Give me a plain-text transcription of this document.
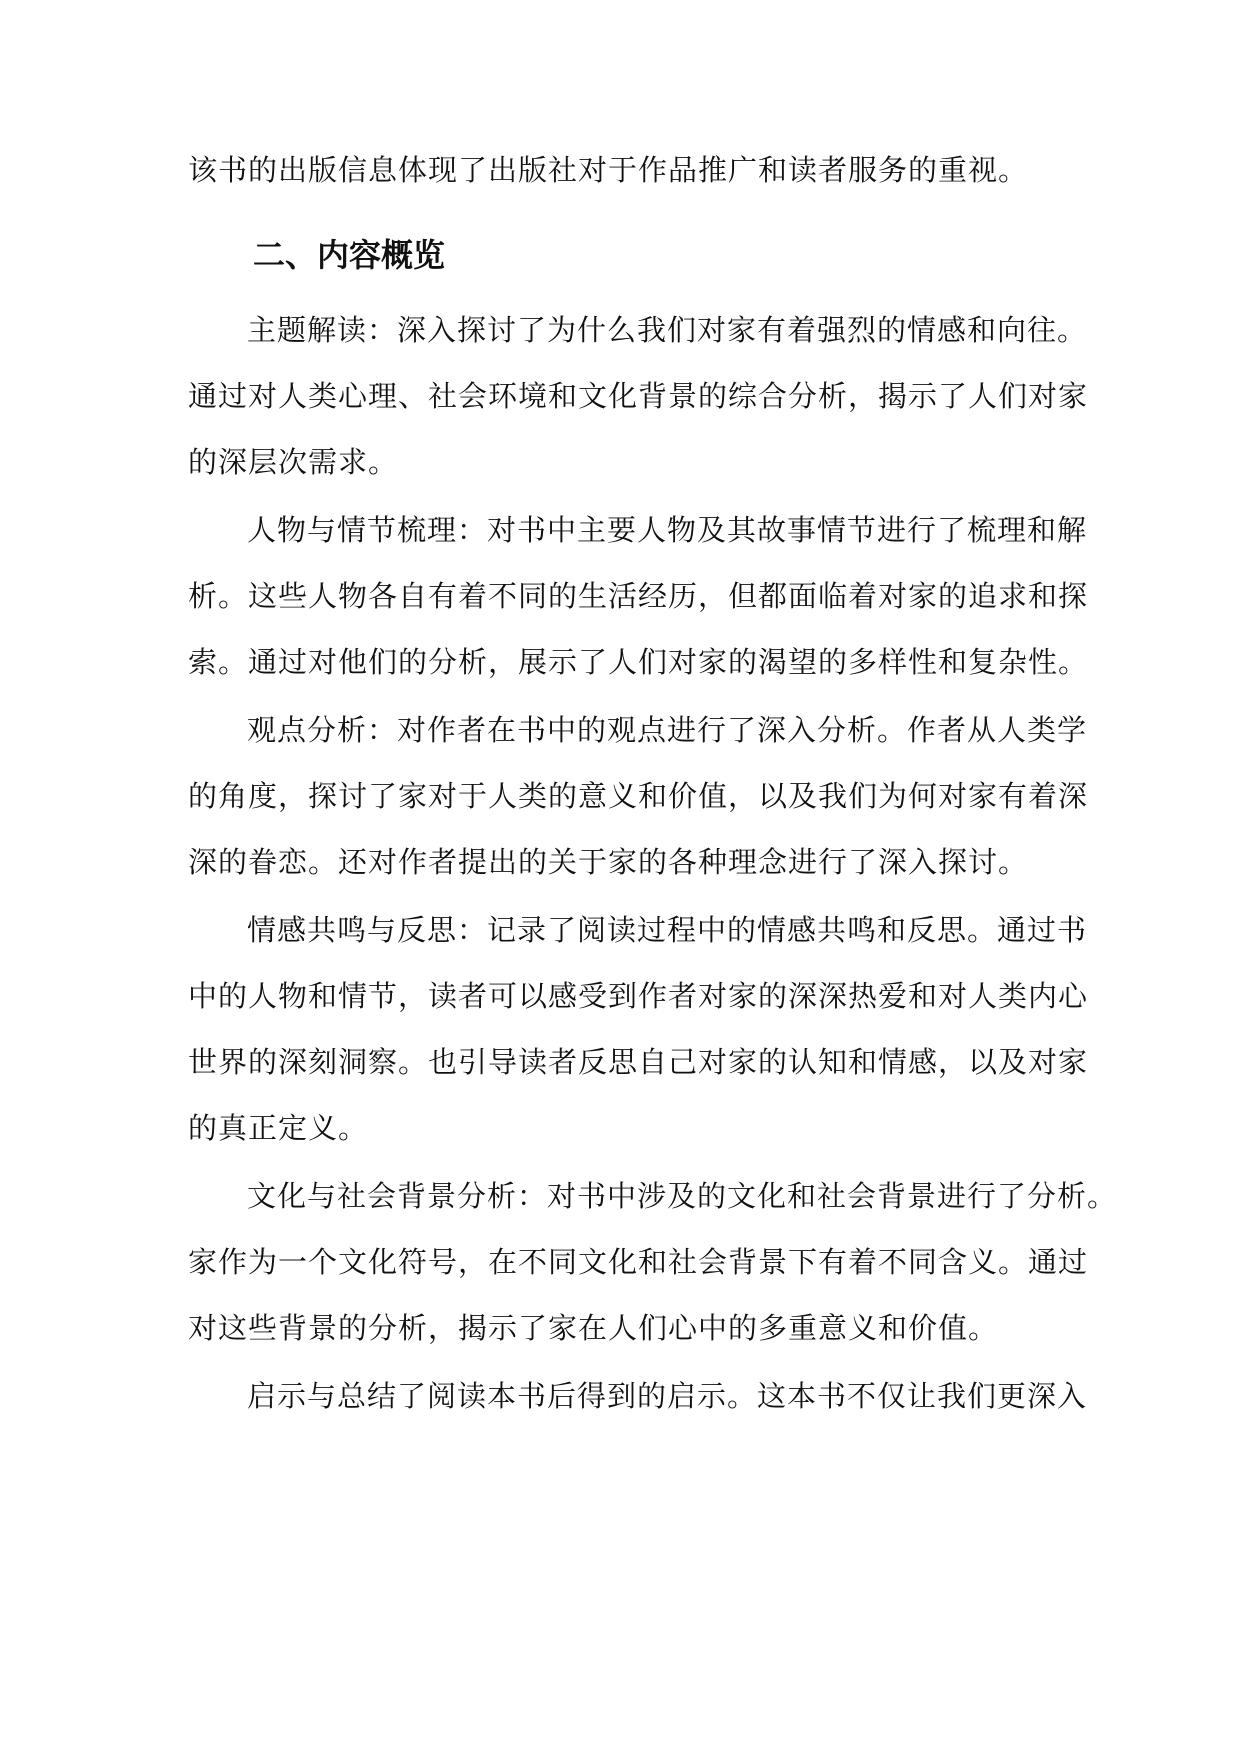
该书的出版信息体现了出版社对于作品推广和读者服务的重视。
二、内容概览
主题解读：深入探讨了为什么我们对家有着强烈的情感和向往。
通过对人类心理、社会环境和文化背景的综合分析，揭示了人们对家
的深层次需求。
人物与情节梳理：对书中主要人物及其故事情节进行了梳理和解
析。这些人物各自有着不同的生活经历，但都面临着对家的追求和探
索。通过对他们的分析，展示了人们对家的渴望的多样性和复杂性。
观点分析：对作者在书中的观点进行了深入分析。作者从人类学
的角度，探讨了家对于人类的意义和价值，以及我们为何对家有着深
深的眷恋。还对作者提出的关于家的各种理念进行了深入探讨。
情感共鸣与反思：记录了阅读过程中的情感共鸣和反思。通过书
中的人物和情节，读者可以感受到作者对家的深深热爱和对人类内心
世界的深刻洞察。也引导读者反思自己对家的认知和情感，以及对家
的真正定义。
文化与社会背景分析：对书中涉及的文化和社会背景进行了分析。
家作为一个文化符号，在不同文化和社会背景下有着不同含义。通过
对这些背景的分析，揭示了家在人们心中的多重意义和价值。
启示与总结了阅读本书后得到的启示。这本书不仅让我们更深入
